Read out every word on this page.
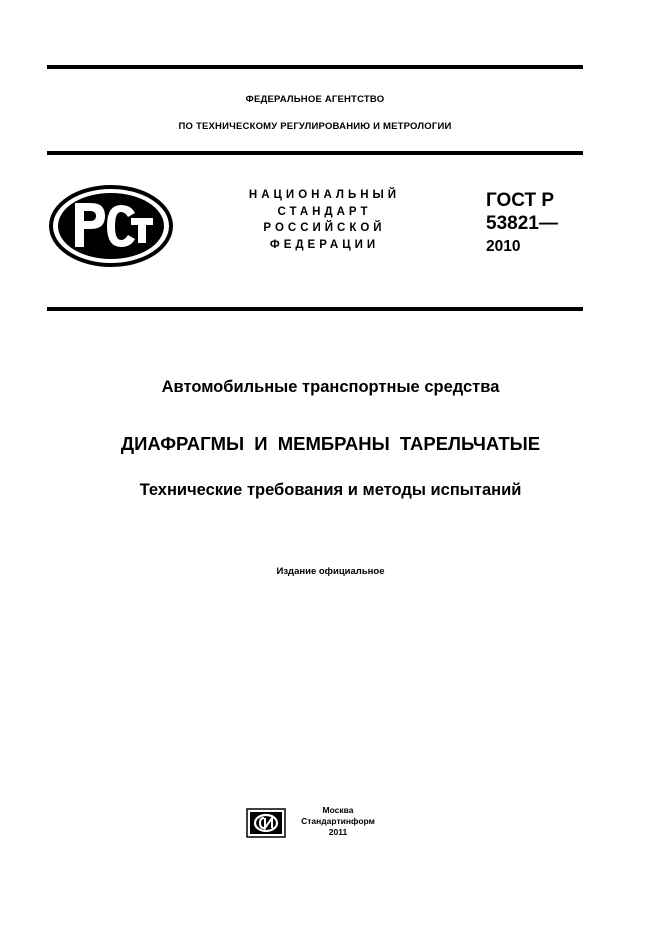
ФЕДЕРАЛЬНОЕ АГЕНТСТВО
ПО ТЕХНИЧЕСКОМУ РЕГУЛИРОВАНИЮ И МЕТРОЛОГИИ
НАЦИОНАЛЬНЫЙ
СТАНДАРТ
РОССИЙСКОЙ
ФЕДЕРАЦИИ
ГОСТ Р
53821—
2010
Автомобильные транспортные средства
ДИАФРАГМЫ И МЕМБРАНЫ ТАРЕЛЬЧАТЫЕ
Технические требования и методы испытаний
Издание официальное
Москва
Стандартинформ
2011
